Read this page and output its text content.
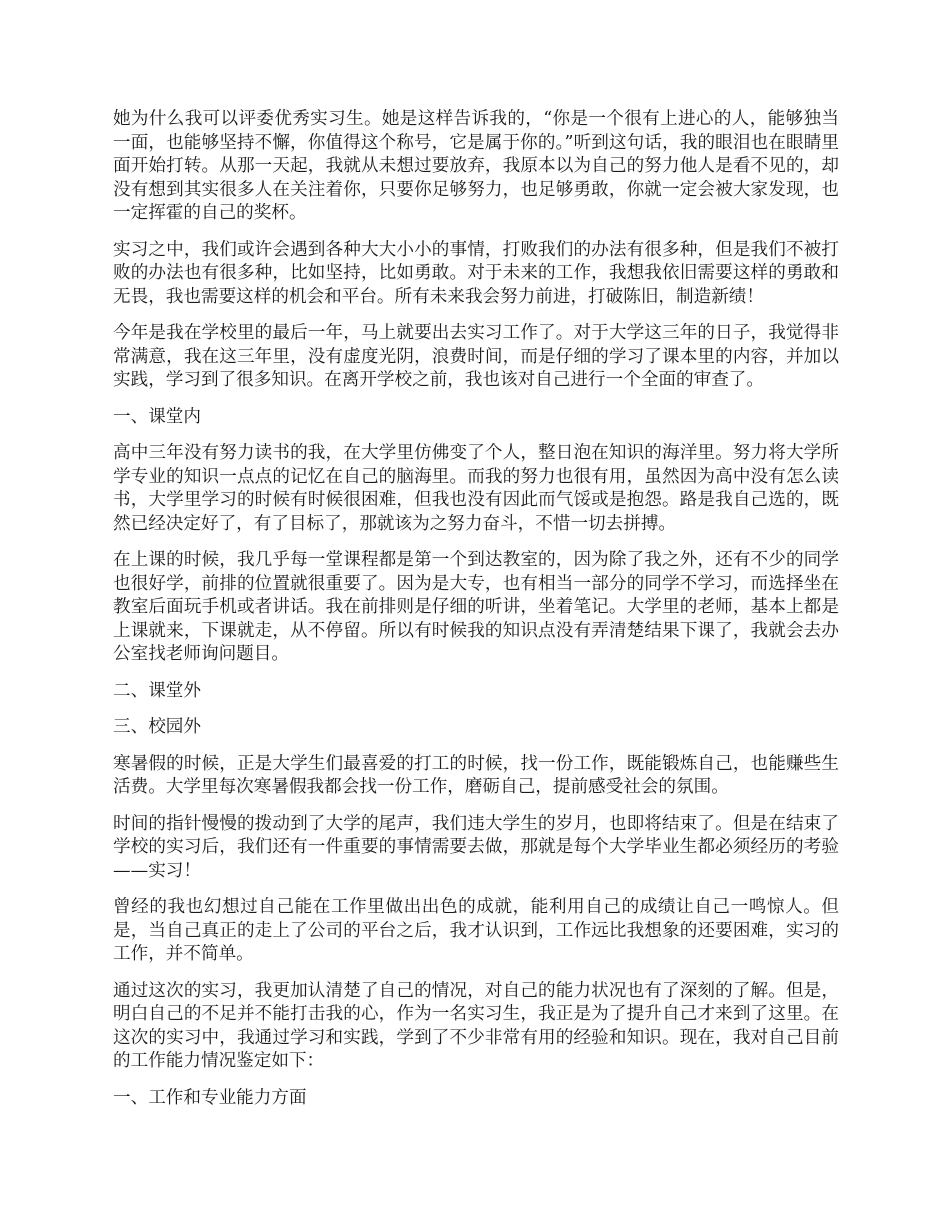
她为什么我可以评委优秀实习生。她是这样告诉我的，“你是一个很有上进心的人，能够独当一面，也能够坚持不懈，你值得这个称号，它是属于你的。”听到这句话，我的眼泪也在眼睛里面开始打转。从那一天起，我就从未想过要放弃，我原本以为自己的努力他人是看不见的，却没有想到其实很多人在关注着你，只要你足够努力，也足够勇敢，你就一定会被大家发现，也一定挥霍的自己的奖杯。

实习之中，我们或许会遇到各种大大小小的事情，打败我们的办法有很多种，但是我们不被打败的办法也有很多种，比如坚持，比如勇敢。对于未来的工作，我想我依旧需要这样的勇敢和无畏，我也需要这样的机会和平台。所有未来我会努力前进，打破陈旧，制造新绩！

今年是我在学校里的最后一年，马上就要出去实习工作了。对于大学这三年的日子，我觉得非常满意，我在这三年里，没有虚度光阴，浪费时间，而是仔细的学习了课本里的内容，并加以实践，学习到了很多知识。在离开学校之前，我也该对自己进行一个全面的审查了。

一、课堂内

高中三年没有努力读书的我，在大学里仿佛变了个人，整日泡在知识的海洋里。努力将大学所学专业的知识一点点的记忆在自己的脑海里。而我的努力也很有用，虽然因为高中没有怎么读书，大学里学习的时候有时候很困难，但我也没有因此而气馁或是抱怨。路是我自己选的，既然已经决定好了，有了目标了，那就该为之努力奋斗，不惜一切去拼搏。

在上课的时候，我几乎每一堂课程都是第一个到达教室的，因为除了我之外，还有不少的同学也很好学，前排的位置就很重要了。因为是大专，也有相当一部分的同学不学习，而选择坐在教室后面玩手机或者讲话。我在前排则是仔细的听讲，坐着笔记。大学里的老师，基本上都是上课就来，下课就走，从不停留。所以有时候我的知识点没有弄清楚结果下课了，我就会去办公室找老师询问题目。

二、课堂外

三、校园外

寒暑假的时候，正是大学生们最喜爱的打工的时候，找一份工作，既能锻炼自己，也能赚些生活费。大学里每次寒暑假我都会找一份工作，磨砺自己，提前感受社会的氛围。

时间的指针慢慢的拨动到了大学的尾声，我们违大学生的岁月，也即将结束了。但是在结束了学校的实习后，我们还有一件重要的事情需要去做，那就是每个大学毕业生都必须经历的考验——实习！

曾经的我也幻想过自己能在工作里做出出色的成就，能利用自己的成绩让自己一鸣惊人。但是，当自己真正的走上了公司的平台之后，我才认识到，工作远比我想象的还要困难，实习的工作，并不简单。

通过这次的实习，我更加认清楚了自己的情况，对自己的能力状况也有了深刻的了解。但是，明白自己的不足并不能打击我的心，作为一名实习生，我正是为了提升自己才来到了这里。在这次的实习中，我通过学习和实践，学到了不少非常有用的经验和知识。现在，我对自己目前的工作能力情况鉴定如下：

一、工作和专业能力方面
